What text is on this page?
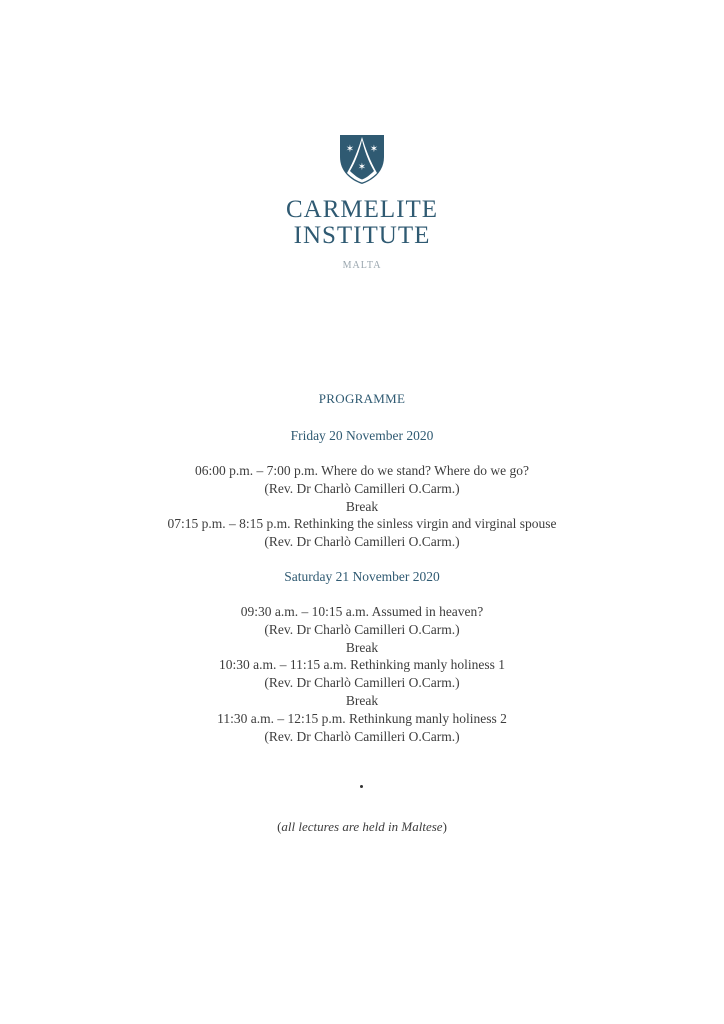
✶ ✶
✶
CARMELITE
INSTITUTE
MALTA
PROGRAMME
Friday 20 November 2020
06:00 p.m. – 7:00 p.m. Where do we stand? Where do we go?
(Rev. Dr Charlò Camilleri O.Carm.)
Break
07:15 p.m. – 8:15 p.m. Rethinking the sinless virgin and virginal spouse
(Rev. Dr Charlò Camilleri O.Carm.)
Saturday 21 November 2020
09:30 a.m. – 10:15 a.m. Assumed in heaven?
(Rev. Dr Charlò Camilleri O.Carm.)
Break
10:30 a.m. – 11:15 a.m. Rethinking manly holiness 1
(Rev. Dr Charlò Camilleri O.Carm.)
Break
11:30 a.m. – 12:15 p.m. Rethinkung manly holiness 2
(Rev. Dr Charlò Camilleri O.Carm.)
(all lectures are held in Maltese)
